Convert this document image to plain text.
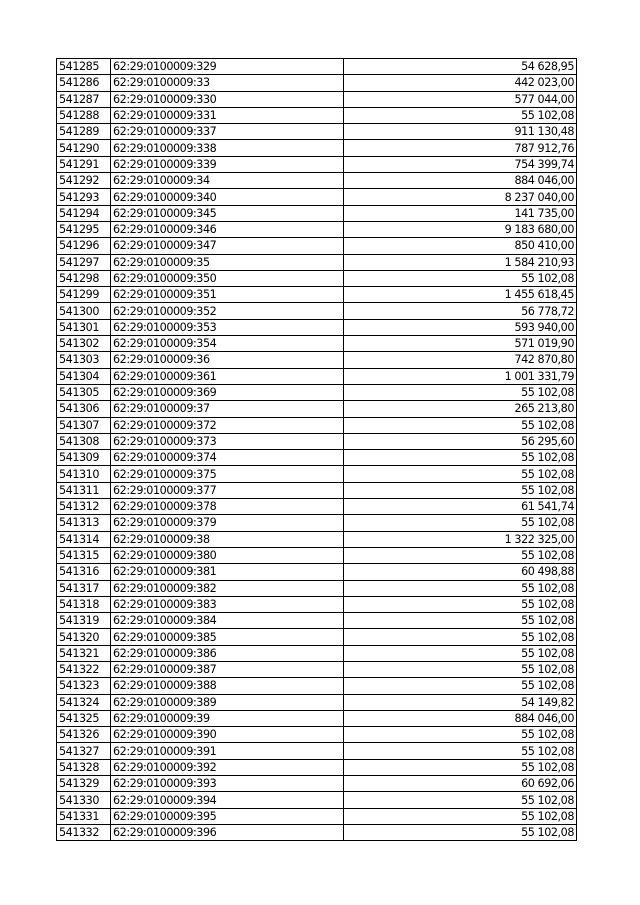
541285	62:29:0100009:329	54 628,95
541286	62:29:0100009:33	442 023,00
541287	62:29:0100009:330	577 044,00
541288	62:29:0100009:331	55 102,08
541289	62:29:0100009:337	911 130,48
541290	62:29:0100009:338	787 912,76
541291	62:29:0100009:339	754 399,74
541292	62:29:0100009:34	884 046,00
541293	62:29:0100009:340	8 237 040,00
541294	62:29:0100009:345	141 735,00
541295	62:29:0100009:346	9 183 680,00
541296	62:29:0100009:347	850 410,00
541297	62:29:0100009:35	1 584 210,93
541298	62:29:0100009:350	55 102,08
541299	62:29:0100009:351	1 455 618,45
541300	62:29:0100009:352	56 778,72
541301	62:29:0100009:353	593 940,00
541302	62:29:0100009:354	571 019,90
541303	62:29:0100009:36	742 870,80
541304	62:29:0100009:361	1 001 331,79
541305	62:29:0100009:369	55 102,08
541306	62:29:0100009:37	265 213,80
541307	62:29:0100009:372	55 102,08
541308	62:29:0100009:373	56 295,60
541309	62:29:0100009:374	55 102,08
541310	62:29:0100009:375	55 102,08
541311	62:29:0100009:377	55 102,08
541312	62:29:0100009:378	61 541,74
541313	62:29:0100009:379	55 102,08
541314	62:29:0100009:38	1 322 325,00
541315	62:29:0100009:380	55 102,08
541316	62:29:0100009:381	60 498,88
541317	62:29:0100009:382	55 102,08
541318	62:29:0100009:383	55 102,08
541319	62:29:0100009:384	55 102,08
541320	62:29:0100009:385	55 102,08
541321	62:29:0100009:386	55 102,08
541322	62:29:0100009:387	55 102,08
541323	62:29:0100009:388	55 102,08
541324	62:29:0100009:389	54 149,82
541325	62:29:0100009:39	884 046,00
541326	62:29:0100009:390	55 102,08
541327	62:29:0100009:391	55 102,08
541328	62:29:0100009:392	55 102,08
541329	62:29:0100009:393	60 692,06
541330	62:29:0100009:394	55 102,08
541331	62:29:0100009:395	55 102,08
541332	62:29:0100009:396	55 102,08
